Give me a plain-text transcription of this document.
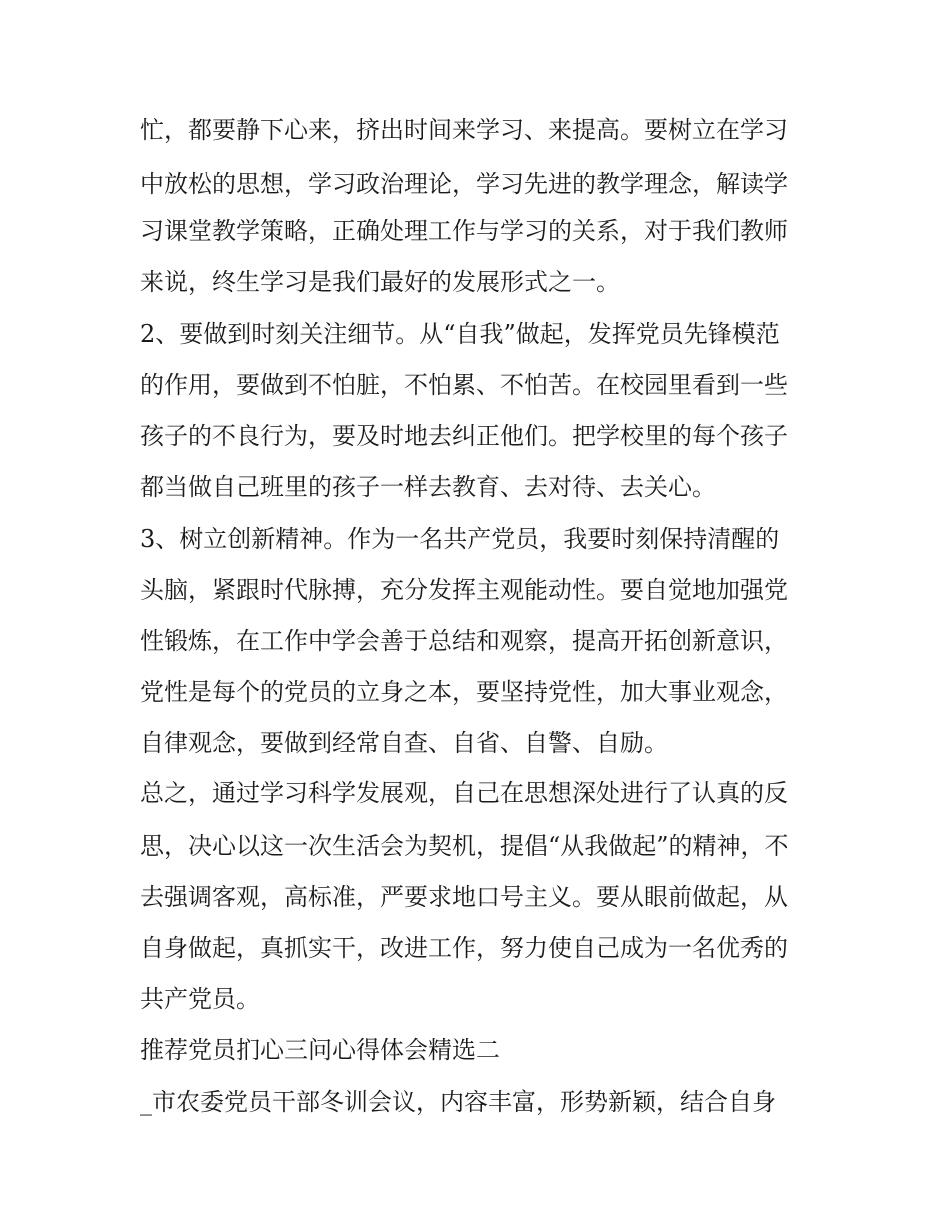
忙，都要静下心来，挤出时间来学习、来提高。要树立在学习
中放松的思想，学习政治理论，学习先进的教学理念，解读学
习课堂教学策略，正确处理工作与学习的关系，对于我们教师
来说，终生学习是我们最好的发展形式之一。
2、要做到时刻关注细节。从“自我”做起，发挥党员先锋模范
的作用，要做到不怕脏，不怕累、不怕苦。在校园里看到一些
孩子的不良行为，要及时地去纠正他们。把学校里的每个孩子
都当做自己班里的孩子一样去教育、去对待、去关心。
3、树立创新精神。作为一名共产党员，我要时刻保持清醒的
头脑，紧跟时代脉搏，充分发挥主观能动性。要自觉地加强党
性锻炼，在工作中学会善于总结和观察，提高开拓创新意识，
党性是每个的党员的立身之本，要坚持党性，加大事业观念，
自律观念，要做到经常自查、自省、自警、自励。
总之，通过学习科学发展观，自己在思想深处进行了认真的反
思，决心以这一次生活会为契机，提倡“从我做起”的精神，不
去强调客观，高标准，严要求地口号主义。要从眼前做起，从
自身做起，真抓实干，改进工作，努力使自己成为一名优秀的
共产党员。
推荐党员扪心三问心得体会精选二
_市农委党员干部冬训会议，内容丰富，形势新颖，结合自身
